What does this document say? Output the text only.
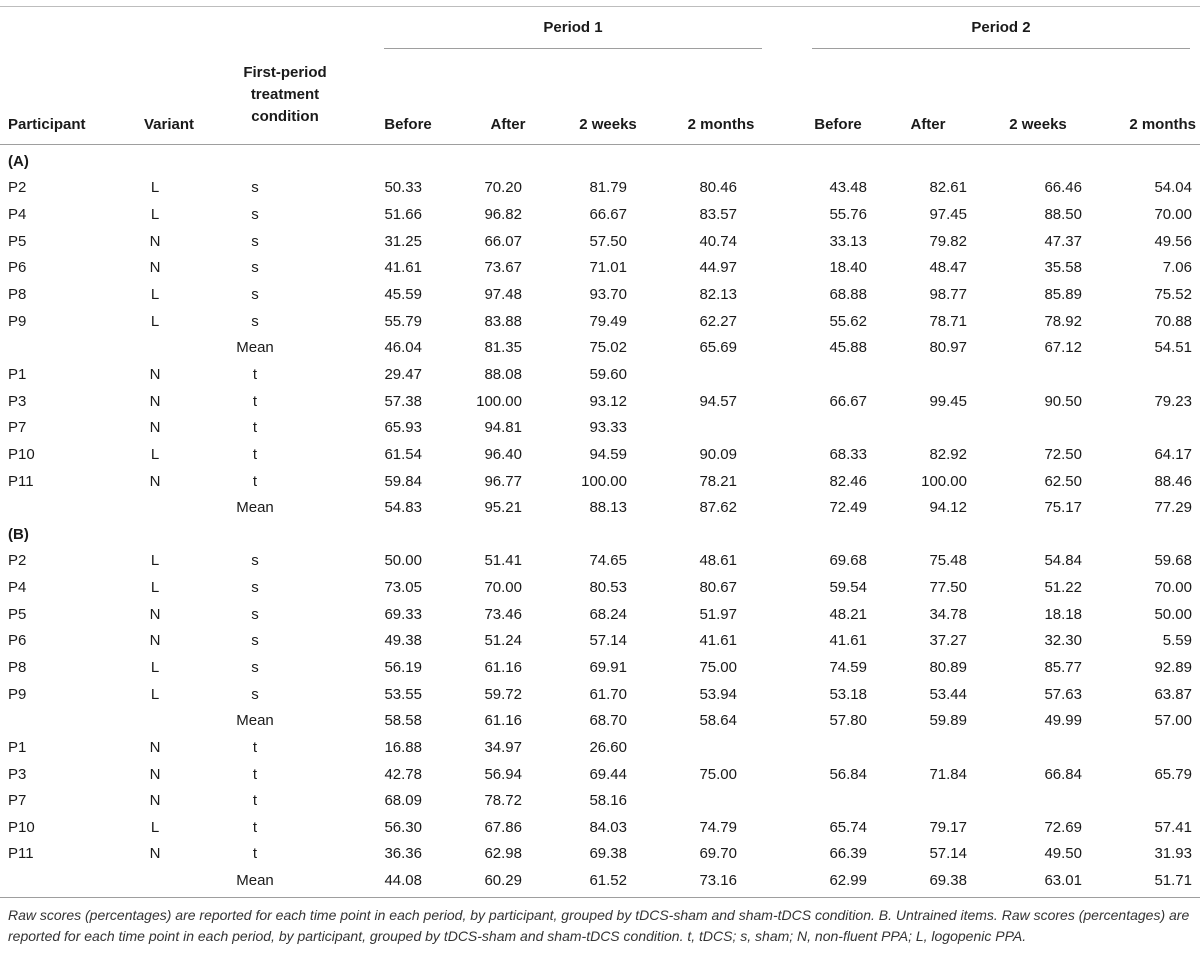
Period 1	Period 2
Participant	Variant
First-period
treatment
condition	Before	After	2 weeks	2 months	Before	After	2 weeks	2 months
(A)										
P2	L	s	50.33	70.20	81.79	80.46	43.48	82.61	66.46	54.04
P4	L	s	51.66	96.82	66.67	83.57	55.76	97.45	88.50	70.00
P5	N	s	31.25	66.07	57.50	40.74	33.13	79.82	47.37	49.56
P6	N	s	41.61	73.67	71.01	44.97	18.40	48.47	35.58	7.06
P8	L	s	45.59	97.48	93.70	82.13	68.88	98.77	85.89	75.52
P9	L	s	55.79	83.88	79.49	62.27	55.62	78.71	78.92	70.88
		Mean	46.04	81.35	75.02	65.69	45.88	80.97	67.12	54.51
P1	N	t	29.47	88.08	59.60					
P3	N	t	57.38	100.00	93.12	94.57	66.67	99.45	90.50	79.23
P7	N	t	65.93	94.81	93.33					
P10	L	t	61.54	96.40	94.59	90.09	68.33	82.92	72.50	64.17
P11	N	t	59.84	96.77	100.00	78.21	82.46	100.00	62.50	88.46
		Mean	54.83	95.21	88.13	87.62	72.49	94.12	75.17	77.29
(B)										
P2	L	s	50.00	51.41	74.65	48.61	69.68	75.48	54.84	59.68
P4	L	s	73.05	70.00	80.53	80.67	59.54	77.50	51.22	70.00
P5	N	s	69.33	73.46	68.24	51.97	48.21	34.78	18.18	50.00
P6	N	s	49.38	51.24	57.14	41.61	41.61	37.27	32.30	5.59
P8	L	s	56.19	61.16	69.91	75.00	74.59	80.89	85.77	92.89
P9	L	s	53.55	59.72	61.70	53.94	53.18	53.44	57.63	63.87
		Mean	58.58	61.16	68.70	58.64	57.80	59.89	49.99	57.00
P1	N	t	16.88	34.97	26.60					
P3	N	t	42.78	56.94	69.44	75.00	56.84	71.84	66.84	65.79
P7	N	t	68.09	78.72	58.16					
P10	L	t	56.30	67.86	84.03	74.79	65.74	79.17	72.69	57.41
P11	N	t	36.36	62.98	69.38	69.70	66.39	57.14	49.50	31.93
		Mean	44.08	60.29	61.52	73.16	62.99	69.38	63.01	51.71
Raw scores (percentages) are reported for each time point in each period, by participant, grouped by tDCS-sham and sham-tDCS condition. B. Untrained items. Raw scores (percentages) are reported for each time point in each period, by participant, grouped by tDCS-sham and sham-tDCS condition. t, tDCS; s, sham; N, non-fluent PPA; L, logopenic PPA.
